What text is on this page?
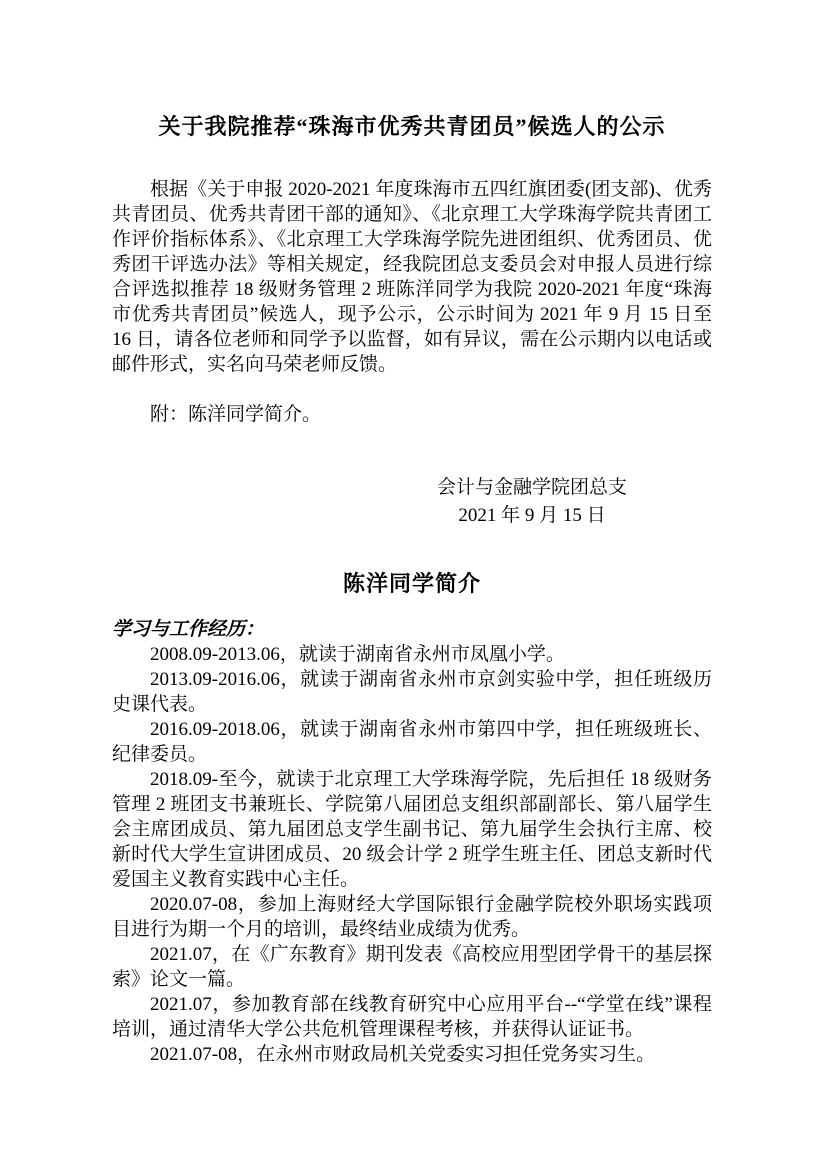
关于我院推荐“珠海市优秀共青团员”候选人的公示

根据《关于申报 2020-2021 年度珠海市五四红旗团委(团支部)、优秀共青团员、优秀共青团干部的通知》、《北京理工大学珠海学院共青团工作评价指标体系》、《北京理工大学珠海学院先进团组织、优秀团员、优秀团干评选办法》等相关规定，经我院团总支委员会对申报人员进行综合评选拟推荐 18 级财务管理 2 班陈洋同学为我院 2020-2021 年度“珠海市优秀共青团员”候选人，现予公示，公示时间为 2021 年 9 月 15 日至 16 日，请各位老师和同学予以监督，如有异议，需在公示期内以电话或邮件形式，实名向马荣老师反馈。

附：陈洋同学简介。

会计与金融学院团总支
2021 年 9 月 15 日
陈洋同学简介
学习与工作经历：

2008.09-2013.06，就读于湖南省永州市凤凰小学。

2013.09-2016.06，就读于湖南省永州市京剑实验中学，担任班级历史课代表。

2016.09-2018.06，就读于湖南省永州市第四中学，担任班级班长、纪律委员。

2018.09-至今，就读于北京理工大学珠海学院，先后担任 18 级财务管理 2 班团支书兼班长、学院第八届团总支组织部副部长、第八届学生会主席团成员、第九届团总支学生副书记、第九届学生会执行主席、校新时代大学生宣讲团成员、20 级会计学 2 班学生班主任、团总支新时代爱国主义教育实践中心主任。

2020.07-08，参加上海财经大学国际银行金融学院校外职场实践项目进行为期一个月的培训，最终结业成绩为优秀。

2021.07，在《广东教育》期刊发表《高校应用型团学骨干的基层探索》论文一篇。

2021.07，参加教育部在线教育研究中心应用平台--“学堂在线”课程培训，通过清华大学公共危机管理课程考核，并获得认证证书。

2021.07-08，在永州市财政局机关党委实习担任党务实习生。
